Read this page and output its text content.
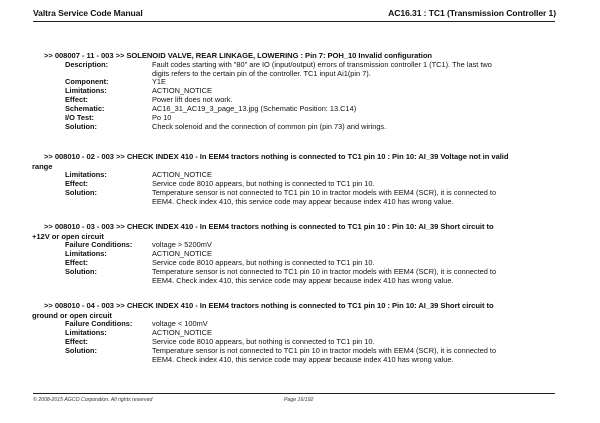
Valtra Service Code Manual	AC16.31 : TC1 (Transmission Controller 1)
>> 008007 - 11 - 003 >> SOLENOID VALVE, REAR LINKAGE, LOWERING : Pin 7: POH_10 Invalid configuration
Description:	Fault codes starting with "80" are IO (input/output) errors of transmission controller 1 (TC1). The last two
digits refers to the certain pin of the controller. TC1 input Ai1(pin 7).
Component:	Y1E
Limitations:	ACTION_NOTICE
Effect:	Power lift does not work.
Schematic:	AC16_31_AC19_3_page_13.jpg (Schematic Position: 13.C14)
I/O Test:	Po 10
Solution:	Check solenoid and the connection of common pin (pin 73) and wirings.
>> 008010 - 02 - 003 >> CHECK INDEX 410 - In EEM4 tractors nothing is connected to TC1 pin 10 : Pin 10: AI_39 Voltage not in valid
range
Limitations:	ACTION_NOTICE
Effect:	Service code 8010 appears, but nothing is connected to TC1 pin 10.
Solution:	Temperature sensor is not connected to TC1 pin 10 in tractor models with EEM4 (SCR), it is connected to
EEM4. Check index 410, this service code may appear because index 410 has wrong value.
>> 008010 - 03 - 003 >> CHECK INDEX 410 - In EEM4 tractors nothing is connected to TC1 pin 10 : Pin 10: AI_39 Short circuit to
+12V or open circuit
Failure Conditions:	voltage > 5200mV
Limitations:	ACTION_NOTICE
Effect:	Service code 8010 appears, but nothing is connected to TC1 pin 10.
Solution:	Temperature sensor is not connected to TC1 pin 10 in tractor models with EEM4 (SCR), it is connected to
EEM4. Check index 410, this service code may appear because index 410 has wrong value.
>> 008010 - 04 - 003 >> CHECK INDEX 410 - In EEM4 tractors nothing is connected to TC1 pin 10 : Pin 10: AI_39 Short circuit to
ground or open circuit
Failure Conditions:	voltage < 100mV
Limitations:	ACTION_NOTICE
Effect:	Service code 8010 appears, but nothing is connected to TC1 pin 10.
Solution:	Temperature sensor is not connected to TC1 pin 10 in tractor models with EEM4 (SCR), it is connected to
EEM4. Check index 410, this service code may appear because index 410 has wrong value.
© 2008-2015 AGCO Corporation. All rights reserved	Page 16/192
